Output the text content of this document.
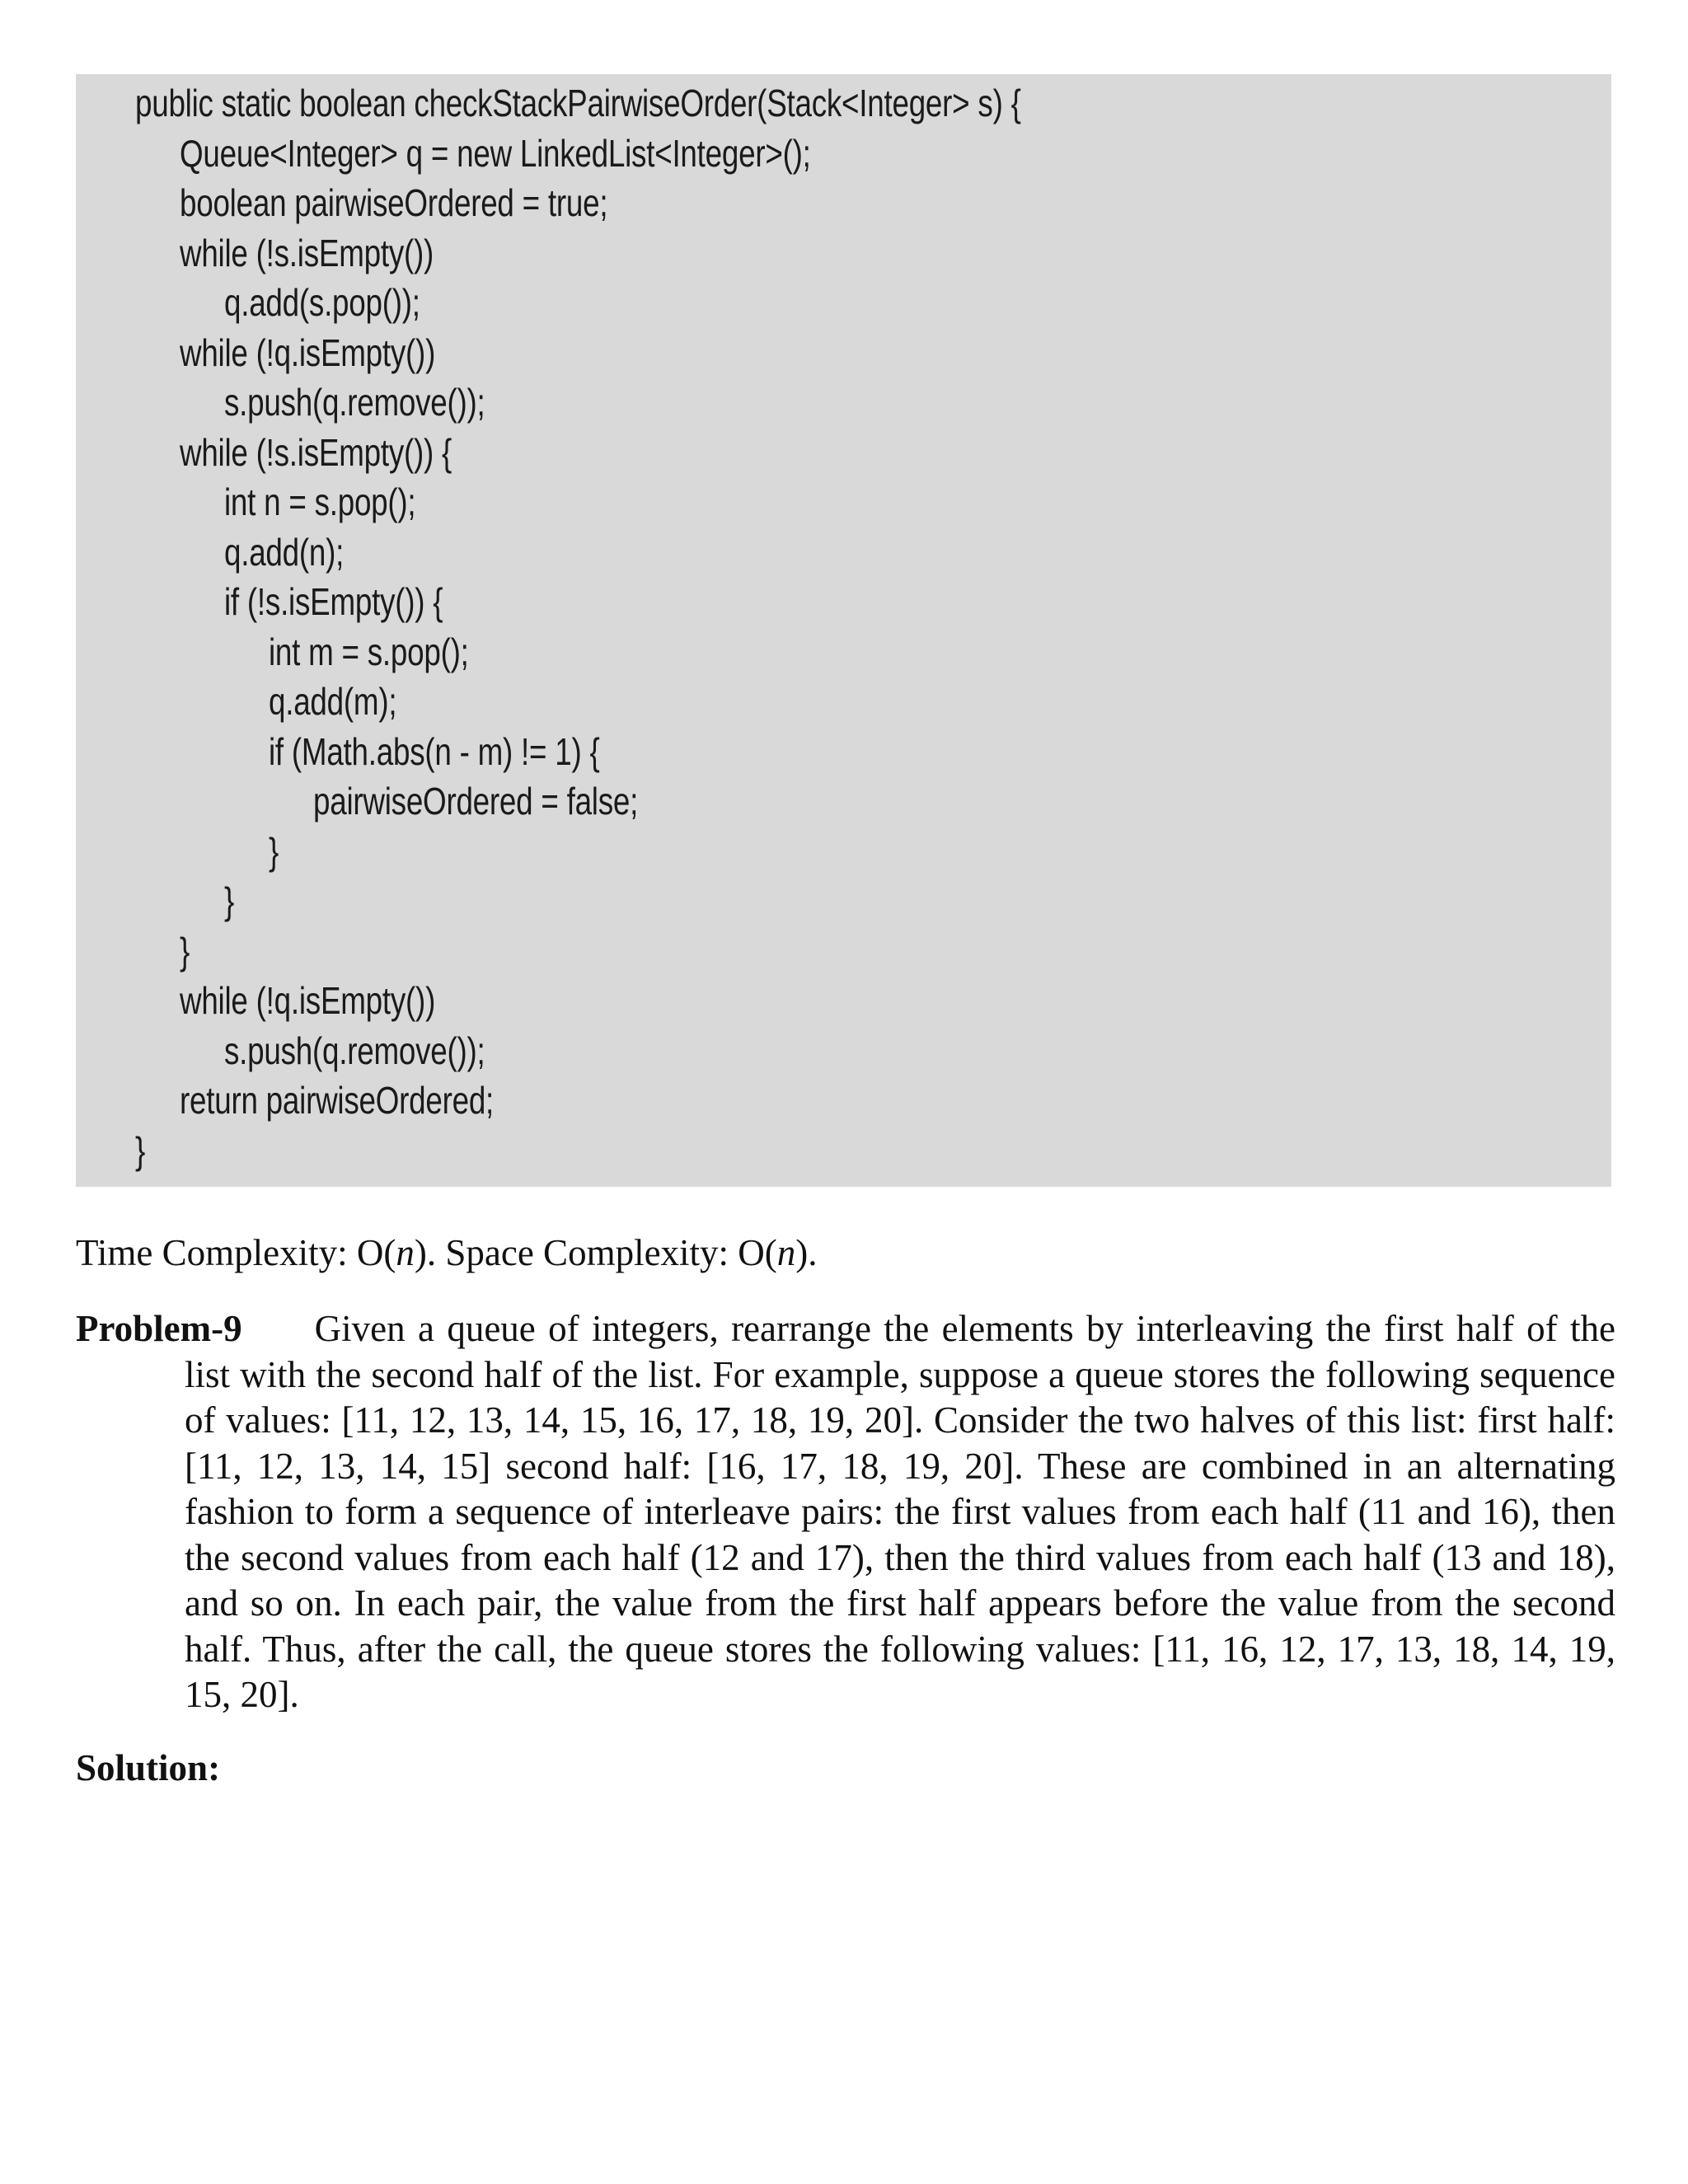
public static boolean checkStackPairwiseOrder(Stack<Integer> s) {
Queue<Integer> q = new LinkedList<Integer>();
boolean pairwiseOrdered = true;
while (!s.isEmpty())
q.add(s.pop());
while (!q.isEmpty())
s.push(q.remove());
while (!s.isEmpty()) {
int n = s.pop();
q.add(n);
if (!s.isEmpty()) {
int m = s.pop();
q.add(m);
if (Math.abs(n - m) != 1) {
pairwiseOrdered = false;
}
}
}
while (!q.isEmpty())
s.push(q.remove());
return pairwiseOrdered;
}
Time Complexity: O(n). Space Complexity: O(n).
Problem-9 Given a queue of integers, rearrange the elements by interleaving the first half of the list with the second half of the list. For example, suppose a queue stores the following sequence of values: [11, 12, 13, 14, 15, 16, 17, 18, 19, 20]. Consider the two halves of this list: first half: [11, 12, 13, 14, 15] second half: [16, 17, 18, 19, 20]. These are combined in an alternating fashion to form a sequence of interleave pairs: the first values from each half (11 and 16), then the second values from each half (12 and 17), then the third values from each half (13 and 18), and so on. In each pair, the value from the first half appears before the value from the second half. Thus, after the call, the queue stores the following values: [11, 16, 12, 17, 13, 18, 14, 19, 15, 20].
Solution:
